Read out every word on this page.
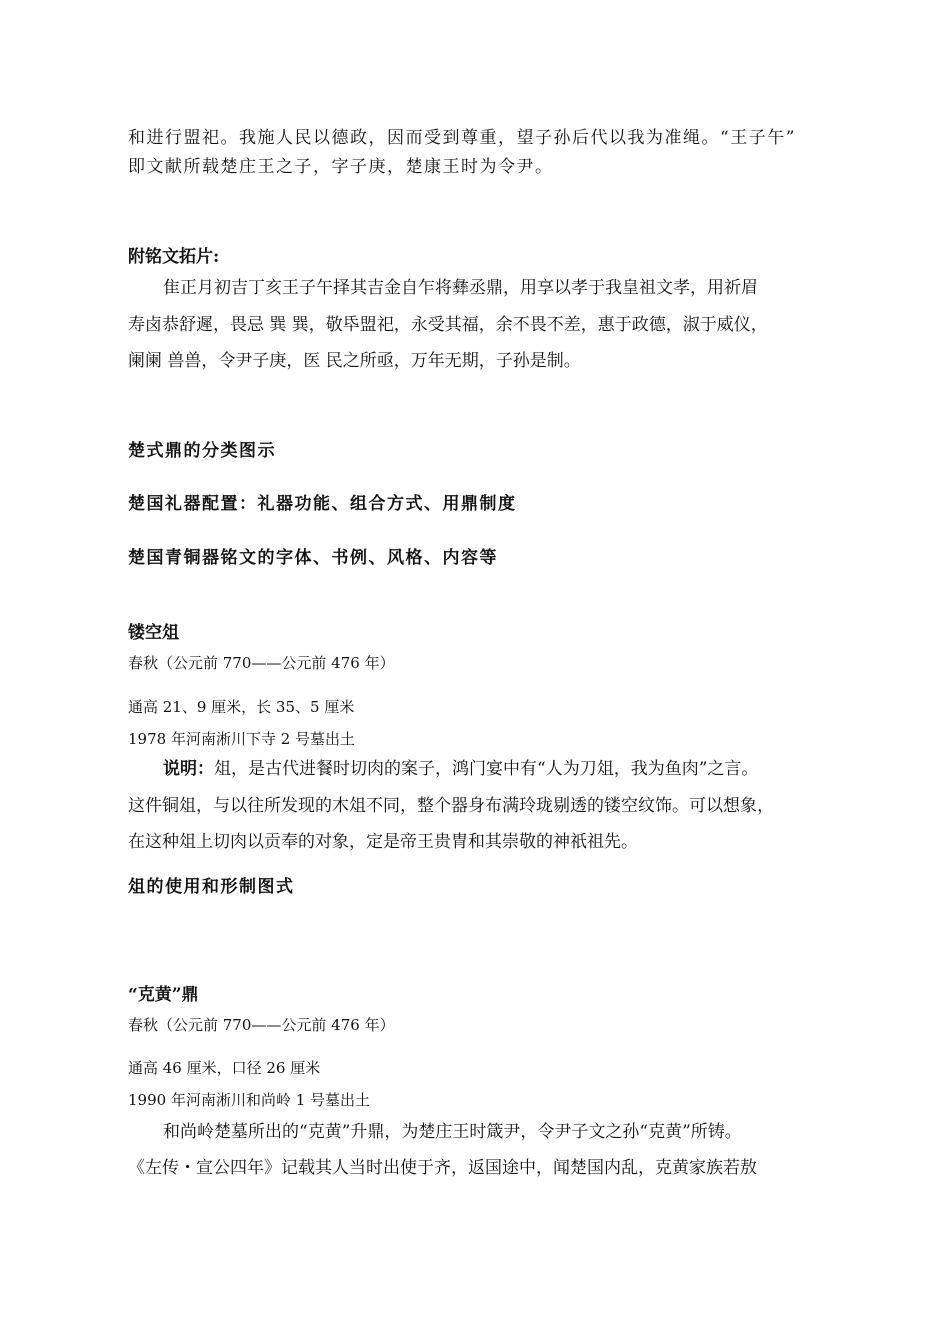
和进行盟祀。我施人民以德政，因而受到尊重，望子孙后代以我为准绳。“王子午”
即文献所载楚庄王之子，字子庚，楚康王时为令尹。
附铭文拓片:
隹正月初吉丁亥王子午择其吉金自乍将彝丞鼎，用享以孝于我皇祖文孝，用祈眉
寿卤恭舒遲，畏忌 巽 巽，敬氒盟祀，永受其福，余不畏不差，惠于政德，淑于威仪，
阑阑 兽兽，令尹子庚，医 民之所亟，万年无期，子孙是制。
楚式鼎的分类图示
楚国礼器配置：礼器功能、组合方式、用鼎制度
楚国青铜器铭文的字体、书例、风格、内容等
镂空俎
春秋（公元前 770——公元前 476 年）
通高 21、9 厘米，长 35、5 厘米
1978 年河南淅川下寺 2 号墓出土
说明：俎，是古代进餐时切肉的案子，鸿门宴中有“人为刀俎，我为鱼肉”之言。
这件铜俎，与以往所发现的木俎不同，整个器身布满玲珑剔透的镂空纹饰。可以想象，
在这种俎上切肉以贡奉的对象，定是帝王贵胄和其崇敬的神祇祖先。
俎的使用和形制图式
“克黄”鼎
春秋（公元前 770——公元前 476 年）
通高 46 厘米，口径 26 厘米
1990 年河南淅川和尚岭 1 号墓出土
和尚岭楚墓所出的“克黄”升鼎，为楚庄王时箴尹，令尹子文之孙“克黄”所铸。
《左传・宣公四年》记载其人当时出使于齐，返国途中，闻楚国内乱，克黄家族若敖
